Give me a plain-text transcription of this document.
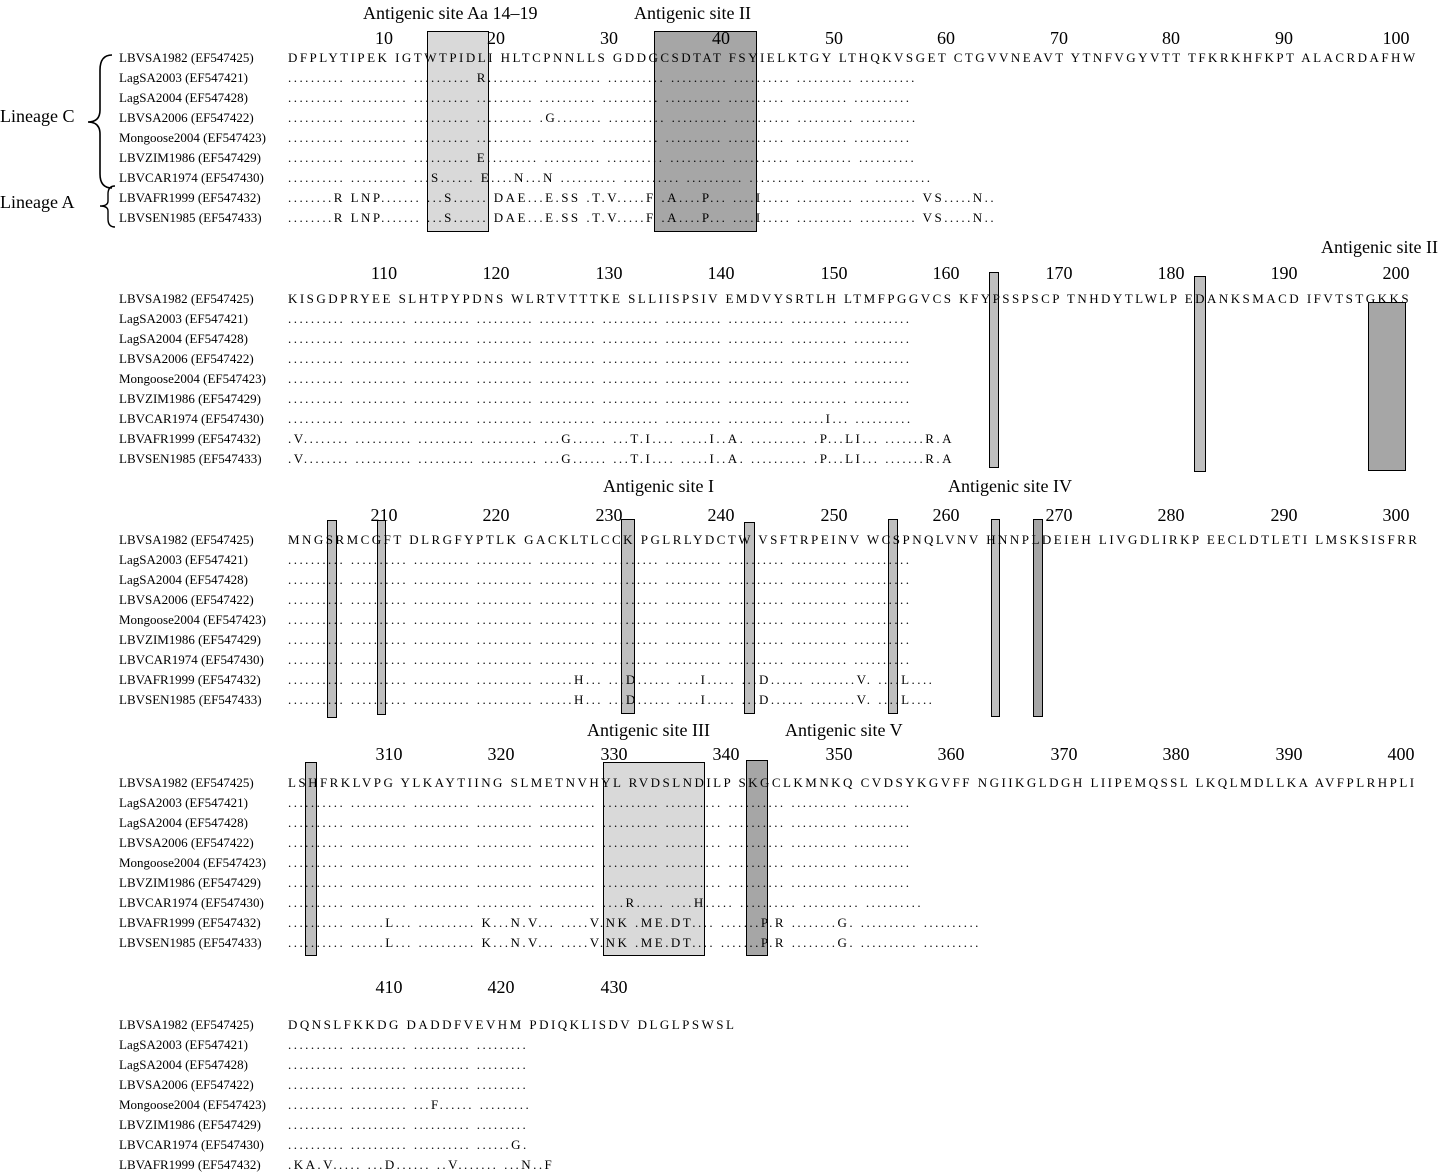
Lineage C
Lineage A
Antigenic site Aa 14–19	Antigenic site II
10	20	30	40	50	60	70	80	90	100
LBVSA1982 (EF547425)	DFPLYTIPEK IGTWTPIDLI HLTCPNNLLS GDDGCSDTAT FSYIELKTGY LTHQKVSGET CTGVVNEAVT YTNFVGYVTT TFKRKHFKPT ALACRDAFHW
LagSA2003 (EF547421)	.......... .......... .......... R......... .......... .......... .......... .......... .......... ..........
LagSA2004 (EF547428)	.......... .......... .......... .......... .......... .......... .......... .......... .......... ..........
LBVSA2006 (EF547422)	.......... .......... .......... .......... .G........ .......... .......... .......... .......... ..........
Mongoose2004 (EF547423) .......... .......... .......... .......... .......... .......... .......... .......... .......... ..........
LBVZIM1986 (EF547429) .......... .......... .......... E......... .......... .......... .......... .......... .......... ..........
LBVCAR1974 (EF547430) .......... .......... ...S...... E....N...N .......... .......... .......... .......... .......... ..........
LBVAFR1999 (EF547432) ........R LNP....... ...S...... DAE...E.SS .T.V.....F .A....P... ....I..... .......... .......... VS.....N..
LBVSEN1985 (EF547433) ........R LNP....... ...S...... DAE...E.SS .T.V.....F .A....P... ....I..... .......... .......... VS.....N..
Antigenic site II
110	120	130	140	150	160	170	180	190	200
LBVSA1982 (EF547425)	KISGDPRYEE SLHTPYPDNS WLRTVTTTKE SLLIISPSIV EMDVYSRTLH LTMFPGGVCS KFYPSSPSCP TNHDYTLWLP EDANKSMACD IFVTSTGKKS
LagSA2003 (EF547421)	.......... .......... .......... .......... .......... .......... .......... .......... .......... ..........
LagSA2004 (EF547428)	.......... .......... .......... .......... .......... .......... .......... .......... .......... ..........
LBVSA2006 (EF547422)	.......... .......... .......... .......... .......... .......... .......... .......... .......... ..........
Mongoose2004 (EF547423) .......... .......... .......... .......... .......... .......... .......... .......... .......... ..........
LBVZIM1986 (EF547429) .......... .......... .......... .......... .......... .......... .......... .......... .......... ..........
LBVCAR1974 (EF547430) .......... .......... .......... .......... .......... .......... .......... .......... ......I... ..........
LBVAFR1999 (EF547432) .V........ .......... .......... .......... ...G...... ...T.I.... .....I..A. .......... .P...LI... .......R.A
LBVSEN1985 (EF547433) .V........ .......... .......... .......... ...G...... ...T.I.... .....I..A. .......... .P...LI... .......R.A
Antigenic site I	Antigenic site IV
210	220	230	240	250	260	270	280	290	300
LBVSA1982 (EF547425)	MNGSRMCGFT DLRGFYPTLK GACKLTLCCK PGLRLYDCTW VSFTRPEINV WCSPNQLVNV HNNPLDEIEH LIVGDLIRKP EECLDTLETI LMSKSISFRR
LagSA2003 (EF547421)	.......... .......... .......... .......... .......... .......... .......... .......... .......... ..........
LagSA2004 (EF547428)	.......... .......... .......... .......... .......... .......... .......... .......... .......... ..........
LBVSA2006 (EF547422)	.......... .......... .......... .......... .......... .......... .......... .......... .......... ..........
Mongoose2004 (EF547423) .......... .......... .......... .......... .......... .......... .......... .......... .......... ..........
LBVZIM1986 (EF547429) .......... .......... .......... .......... .......... .......... .......... .......... .......... ..........
LBVCAR1974 (EF547430) .......... .......... .......... .......... .......... .......... .......... .......... .......... ..........
LBVAFR1999 (EF547432) .......... .......... .......... .......... ......H... ...D...... ....I..... ...D...... ........V. ....L....
LBVSEN1985 (EF547433) .......... .......... .......... .......... ......H... ...D...... ....I..... ...D...... ........V. ....L....
Antigenic site III	Antigenic site V
310	320	330	340	350	360	370	380	390	400
LBVSA1982 (EF547425)	LSHFRKLVPG YLKAYTIING SLMETNVHYL RVDSLNDILP SKGCLKMNKQ CVDSYKGVFF NGIIKGLDGH LIIPEMQSSL LKQLMDLLKA AVFPLRHPLI
LagSA2003 (EF547421)	.......... .......... .......... .......... .......... .......... .......... .......... .......... ..........
LagSA2004 (EF547428)	.......... .......... .......... .......... .......... .......... .......... .......... .......... ..........
LBVSA2006 (EF547422)	.......... .......... .......... .......... .......... .......... .......... .......... .......... ..........
Mongoose2004 (EF547423) .......... .......... .......... .......... .......... .......... .......... .......... .......... ..........
LBVZIM1986 (EF547429) .......... .......... .......... .......... .......... .......... .......... .......... .......... ..........
LBVCAR1974 (EF547430) .......... .......... .......... .......... .......... ....R..... ....H..... .......... .......... ..........
LBVAFR1999 (EF547432) .......... ......L... .......... K...N.V... .....V.NK .ME.DT.... .......P.R ........G. .......... ..........
LBVSEN1985 (EF547433) .......... ......L... .......... K...N.V... .....V.NK .ME.DT.... .......P.R ........G. .......... ..........
410	420	430
LBVSA1982 (EF547425)	DQNSLFKKDG DADDFVEVHM PDIQKLISDV DLGLPSWSL
LagSA2003 (EF547421)	.......... .......... .......... .........
LagSA2004 (EF547428)	.......... .......... .......... .........
LBVSA2006 (EF547422)	.......... .......... .......... .........
Mongoose2004 (EF547423) .......... .......... ...F...... .........
LBVZIM1986 (EF547429) .......... .......... .......... .........
LBVCAR1974 (EF547430) .......... .......... .......... ......G.
LBVAFR1999 (EF547432) .KA.V..... ...D...... ..V....... ...N..F
